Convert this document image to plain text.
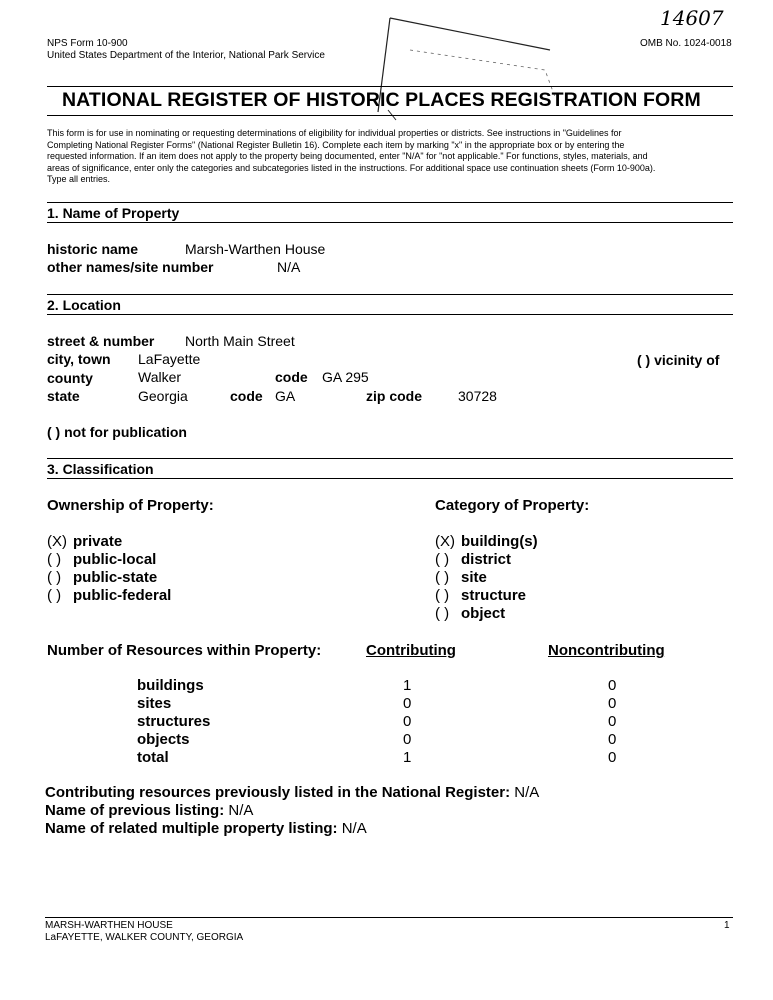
NPS Form 10-900
United States Department of the Interior, National Park Service
OMB No. 1024-0018
14607
NATIONAL REGISTER OF HISTORIC PLACES REGISTRATION FORM
This form is for use in nominating or requesting determinations of eligibility for individual properties or districts. See instructions in "Guidelines for
Completing National Register Forms" (National Register Bulletin 16). Complete each item by marking "x" in the appropriate box or by entering the
requested information. If an item does not apply to the property being documented, enter "N/A" for "not applicable." For functions, styles, materials, and
areas of significance, enter only the categories and subcategories listed in the instructions. For additional space use continuation sheets (Form 10-900a).
Type all entries.
1. Name of Property
historic name	Marsh-Warthen House
other names/site number	N/A
2. Location
street & number North Main Street
city, town LaFayette	( ) vicinity of
county	Walker	code GA 295
state	Georgia	code GA	zip code	30728
( ) not for publication
3. Classification
Ownership of Property:	Category of Property:
(X) private
( ) public-local
( ) public-state
( ) public-federal
(X) building(s)
( ) district
( ) site
( ) structure
( ) object
Number of Resources within Property:	Contributing	Noncontributing
buildings	1	0
sites	0	0
structures	0	0
objects	0	0
total	1	0
Contributing resources previously listed in the National Register: N/A
Name of previous listing: N/A
Name of related multiple property listing: N/A
MARSH-WARTHEN HOUSE
LaFAYETTE, WALKER COUNTY, GEORGIA
1
